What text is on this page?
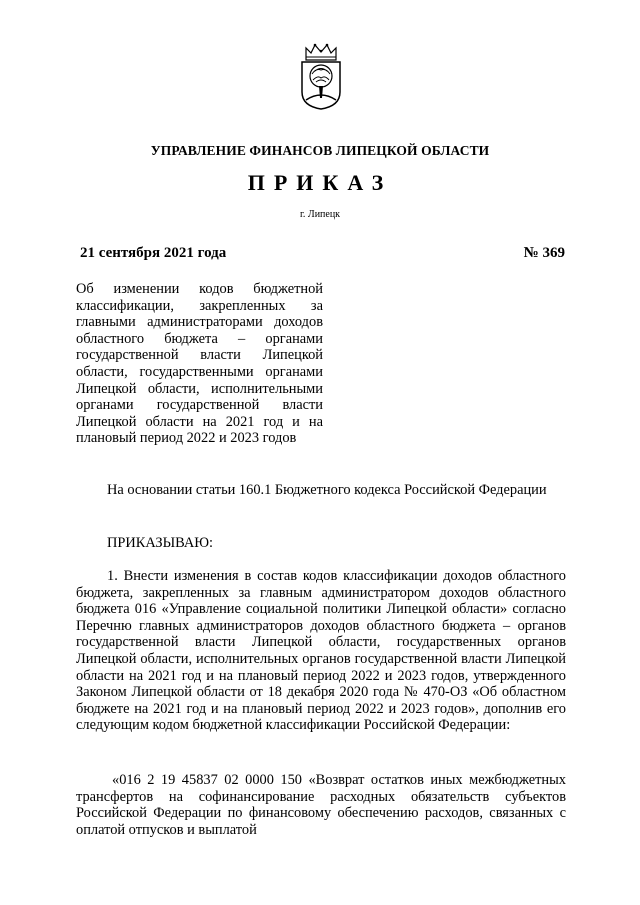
УПРАВЛЕНИЕ ФИНАНСОВ ЛИПЕЦКОЙ ОБЛАСТИ
ПРИКАЗ
г. Липецк
21 сентября 2021 года	№ 369
Об изменении кодов бюджетной классификации, закрепленных за главными администраторами доходов областного бюджета – органами государственной власти Липецкой области, государственными органами Липецкой области, исполнительными органами государственной власти Липецкой области на 2021 год и на плановый период 2022 и 2023 годов
На основании статьи 160.1 Бюджетного кодекса Российской Федерации
ПРИКАЗЫВАЮ:
1. Внести изменения в состав кодов классификации доходов областного бюджета, закрепленных за главным администратором доходов областного бюджета 016 «Управление социальной политики Липецкой области» согласно Перечню главных администраторов доходов областного бюджета – органов государственной власти Липецкой области, государственных органов Липецкой области, исполнительных органов государственной власти Липецкой области на 2021 год и на плановый период 2022 и 2023 годов, утвержденного Законом Липецкой области от 18 декабря 2020 года № 470-ОЗ «Об областном бюджете на 2021 год и на плановый период 2022 и 2023 годов», дополнив его следующим кодом бюджетной классификации Российской Федерации:
«016 2 19 45837 02 0000 150 «Возврат остатков иных межбюджетных трансфертов на софинансирование расходных обязательств субъектов Российской Федерации по финансовому обеспечению расходов, связанных с оплатой отпусков и выплатой
